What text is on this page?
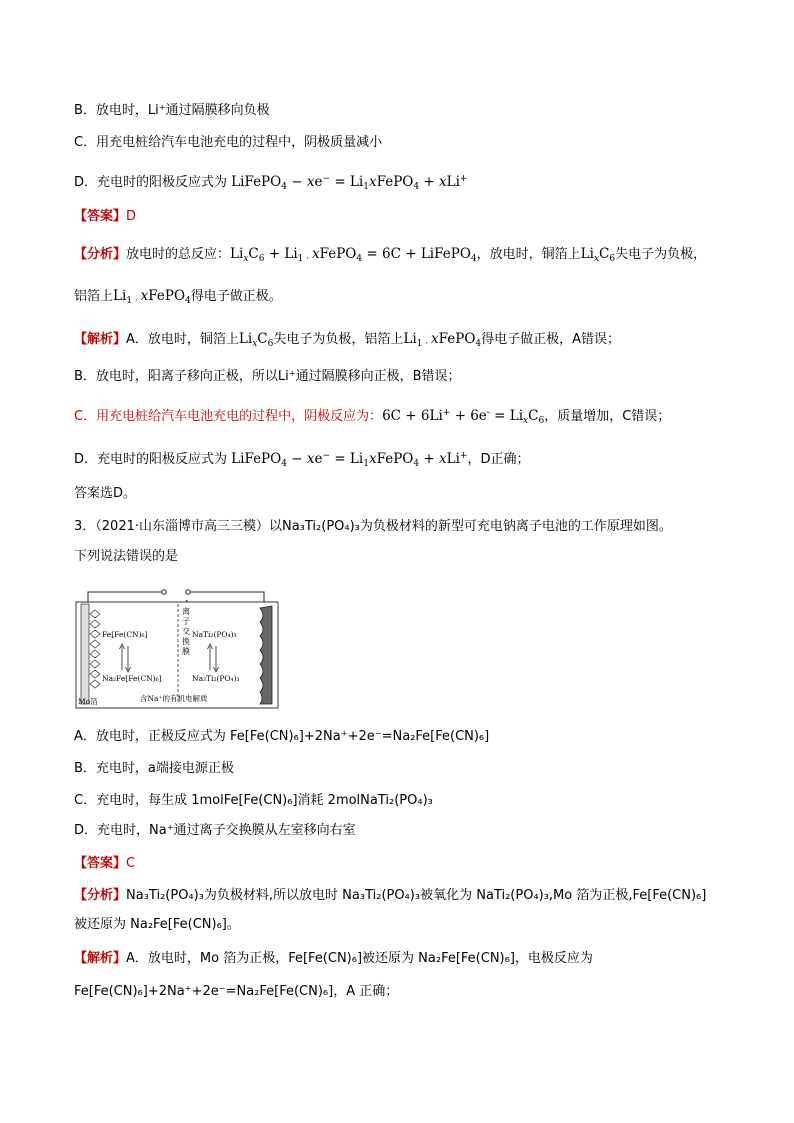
B．放电时，Li⁺通过隔膜移向负极
C．用充电桩给汽车电池充电的过程中，阴极质量减小
D．充电时的阳极反应式为 LiFePO$_4$ − $xe^- = Li_1xFePO_4 + xLi^+$
【答案】D
【分析】放电时的总反应：$Li_xC_6 + Li_{1 \cdot}$ xFePO$_4$ = 6C + LiFePO$_4$，放电时，铜箔上$Li_xC_6$失电子为负极，
铝箔上$Li_{1 \cdot}$ xFePO$_4$得电子做正极。
【解析】A．放电时，铜箔上$Li_xC_6$失电子为负极，铝箔上$Li_{1 \cdot}$ xFePO$_4$得电子做正极，A错误；
B．放电时，阳离子移向正极，所以Li⁺通过隔膜移向正极，B错误；
C．用充电桩给汽车电池充电的过程中，阴极反应为：$6C + 6Li^+ + 6e^- = Li_xC_6$，质量增加，C错误；
D．充电时的阳极反应式为 LiFePO$_4$ − $xe^- = Li_1xFePO_4 + xLi^+$，D正确；
答案选D。
3．（2021·山东淄博市高三三模）以Na₃Ti₂(PO₄)₃为负极材料的新型可充电钠离子电池的工作原理如图。
下列说法错误的是
离
子
交
换
膜
Fe[Fe(CN)₆]
Na₂Fe[Fe(CN)₆]
NaTi₂(PO₄)₃
Na₃Ti₂(PO₄)₃
Mo箔	含Na⁺的有机电解质
A．放电时，正极反应式为 Fe[Fe(CN)₆]+2Na⁺+2e⁻=Na₂Fe[Fe(CN)₆]
B．充电时，a端接电源正极
C．充电时，每生成 1molFe[Fe(CN)₆]消耗 2molNaTi₂(PO₄)₃
D．充电时，Na⁺通过离子交换膜从左室移向右室
【答案】C
【分析】Na₃Ti₂(PO₄)₃为负极材料,所以放电时 Na₃Ti₂(PO₄)₃被氧化为 NaTi₂(PO₄)₃,Mo 箔为正极,Fe[Fe(CN)₆]
被还原为 Na₂Fe[Fe(CN)₆]。
【解析】A．放电时，Mo 箔为正极，Fe[Fe(CN)₆]被还原为 Na₂Fe[Fe(CN)₆]，电极反应为
Fe[Fe(CN)₆]+2Na⁺+2e⁻=Na₂Fe[Fe(CN)₆]，A 正确；
